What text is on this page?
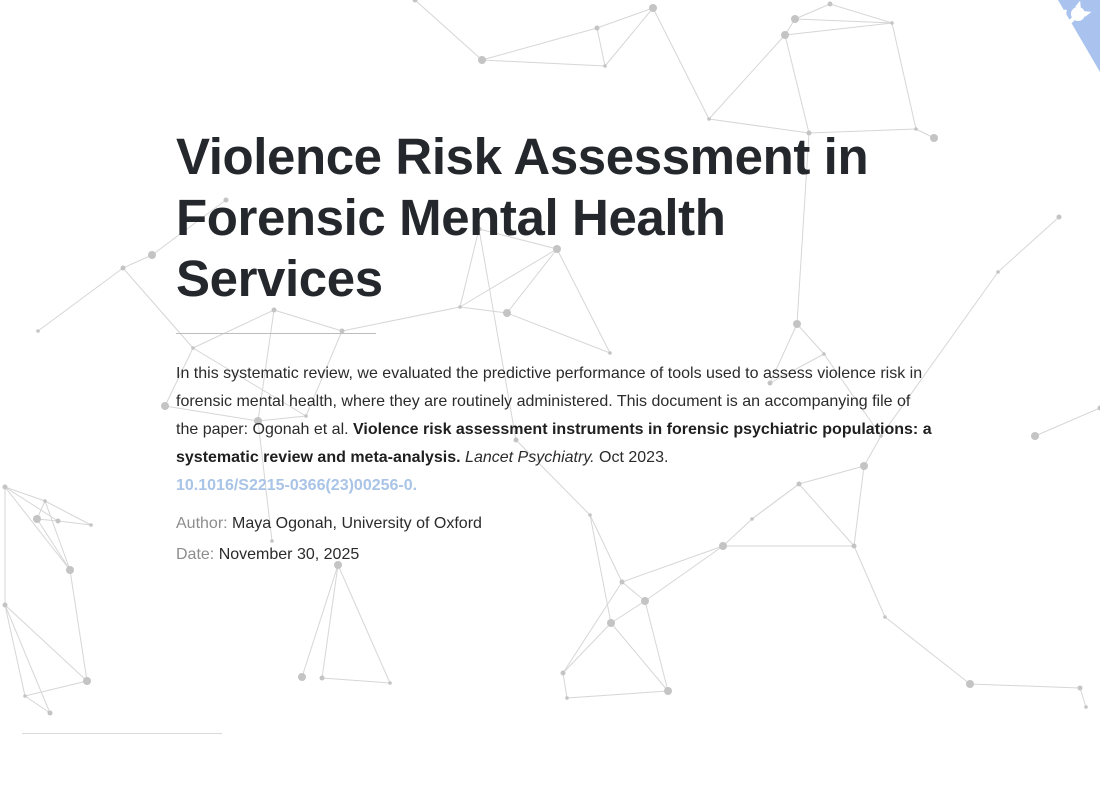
Violence Risk Assessment in Forensic Mental Health Services

In this systematic review, we evaluated the predictive performance of tools used to assess violence risk in forensic mental health, where they are routinely administered. This document is an accompanying file of the paper: Ogonah et al. Violence risk assessment instruments in forensic psychiatric populations: a systematic review and meta-analysis. Lancet Psychiatry. Oct 2023.
10.1016/S2215-0366(23)00256-0.

Author: Maya Ogonah, University of Oxford
Date: November 30, 2025
